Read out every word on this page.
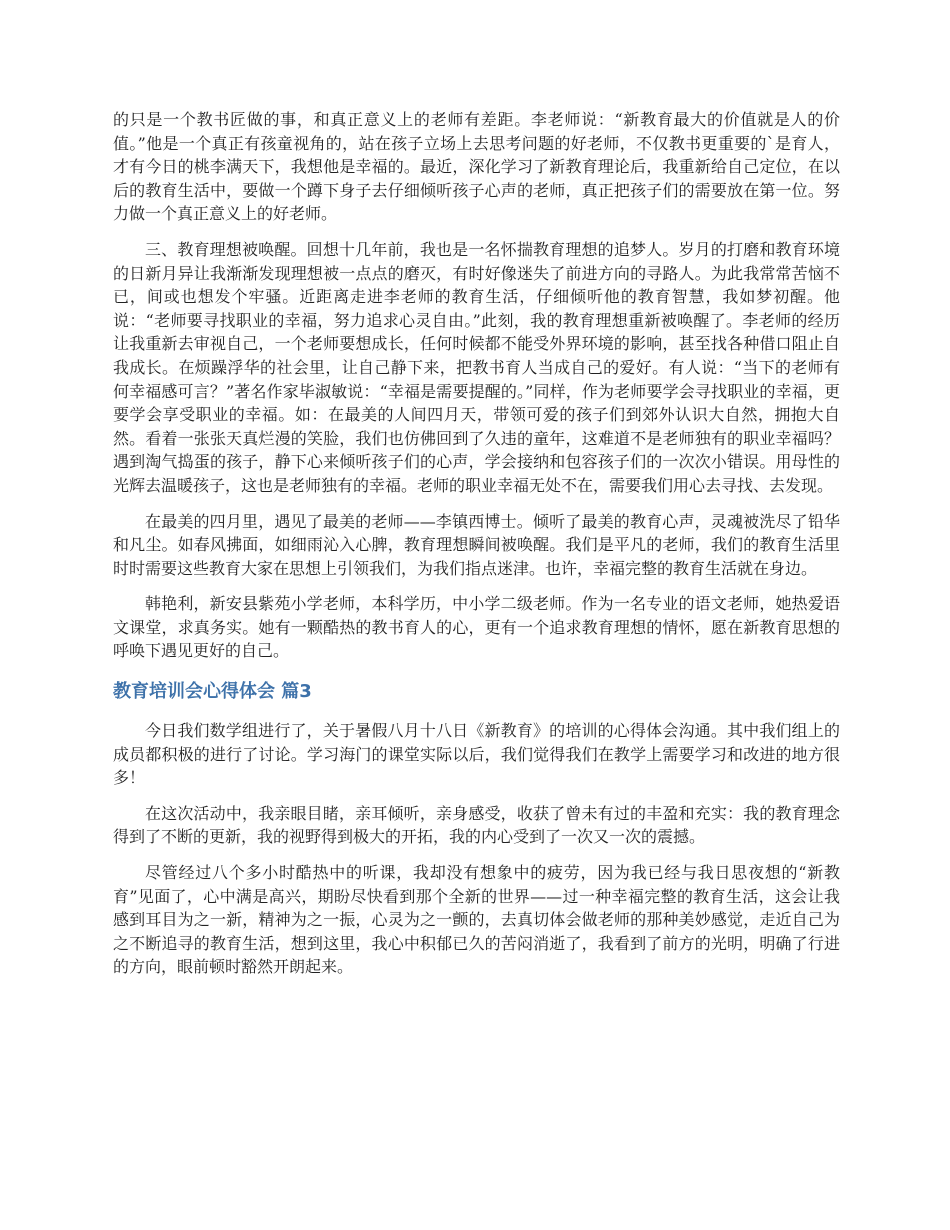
的只是一个教书匠做的事，和真正意义上的老师有差距。李老师说：“新教育最大的价值就是人的价值。”他是一个真正有孩童视角的，站在孩子立场上去思考问题的好老师，不仅教书更重要的`是育人，才有今日的桃李满天下，我想他是幸福的。最近，深化学习了新教育理论后，我重新给自己定位，在以后的教育生活中，要做一个蹲下身子去仔细倾听孩子心声的老师，真正把孩子们的需要放在第一位。努力做一个真正意义上的好老师。

三、教育理想被唤醒。回想十几年前，我也是一名怀揣教育理想的追梦人。岁月的打磨和教育环境的日新月异让我渐渐发现理想被一点点的磨灭，有时好像迷失了前进方向的寻路人。为此我常常苦恼不已，间或也想发个牢骚。近距离走进李老师的教育生活，仔细倾听他的教育智慧，我如梦初醒。他说：“老师要寻找职业的幸福，努力追求心灵自由。”此刻，我的教育理想重新被唤醒了。李老师的经历让我重新去审视自己，一个老师要想成长，任何时候都不能受外界环境的影响，甚至找各种借口阻止自我成长。在烦躁浮华的社会里，让自己静下来，把教书育人当成自己的爱好。有人说：“当下的老师有何幸福感可言？”著名作家毕淑敏说：“幸福是需要提醒的。”同样，作为老师要学会寻找职业的幸福，更要学会享受职业的幸福。如：在最美的人间四月天，带领可爱的孩子们到郊外认识大自然，拥抱大自然。看着一张张天真烂漫的笑脸，我们也仿佛回到了久违的童年，这难道不是老师独有的职业幸福吗？遇到淘气捣蛋的孩子，静下心来倾听孩子们的心声，学会接纳和包容孩子们的一次次小错误。用母性的光辉去温暖孩子，这也是老师独有的幸福。老师的职业幸福无处不在，需要我们用心去寻找、去发现。

在最美的四月里，遇见了最美的老师——李镇西博士。倾听了最美的教育心声，灵魂被洗尽了铅华和凡尘。如春风拂面，如细雨沁入心脾，教育理想瞬间被唤醒。我们是平凡的老师，我们的教育生活里时时需要这些教育大家在思想上引领我们，为我们指点迷津。也许，幸福完整的教育生活就在身边。

韩艳利，新安县紫苑小学老师，本科学历，中小学二级老师。作为一名专业的语文老师，她热爱语文课堂，求真务实。她有一颗酷热的教书育人的心，更有一个追求教育理想的情怀，愿在新教育思想的呼唤下遇见更好的自己。

教育培训会心得体会 篇3

今日我们数学组进行了，关于暑假八月十八日《新教育》的培训的心得体会沟通。其中我们组上的成员都积极的进行了讨论。学习海门的课堂实际以后，我们觉得我们在教学上需要学习和改进的地方很多！

在这次活动中，我亲眼目睹，亲耳倾听，亲身感受，收获了曾未有过的丰盈和充实：我的教育理念得到了不断的更新，我的视野得到极大的开拓，我的内心受到了一次又一次的震撼。

尽管经过八个多小时酷热中的听课，我却没有想象中的疲劳，因为我已经与我日思夜想的“新教育”见面了，心中满是高兴，期盼尽快看到那个全新的世界——过一种幸福完整的教育生活，这会让我感到耳目为之一新，精神为之一振，心灵为之一颤的，去真切体会做老师的那种美妙感觉，走近自己为之不断追寻的教育生活，想到这里，我心中积郁已久的苦闷消逝了，我看到了前方的光明，明确了行进的方向，眼前顿时豁然开朗起来。
